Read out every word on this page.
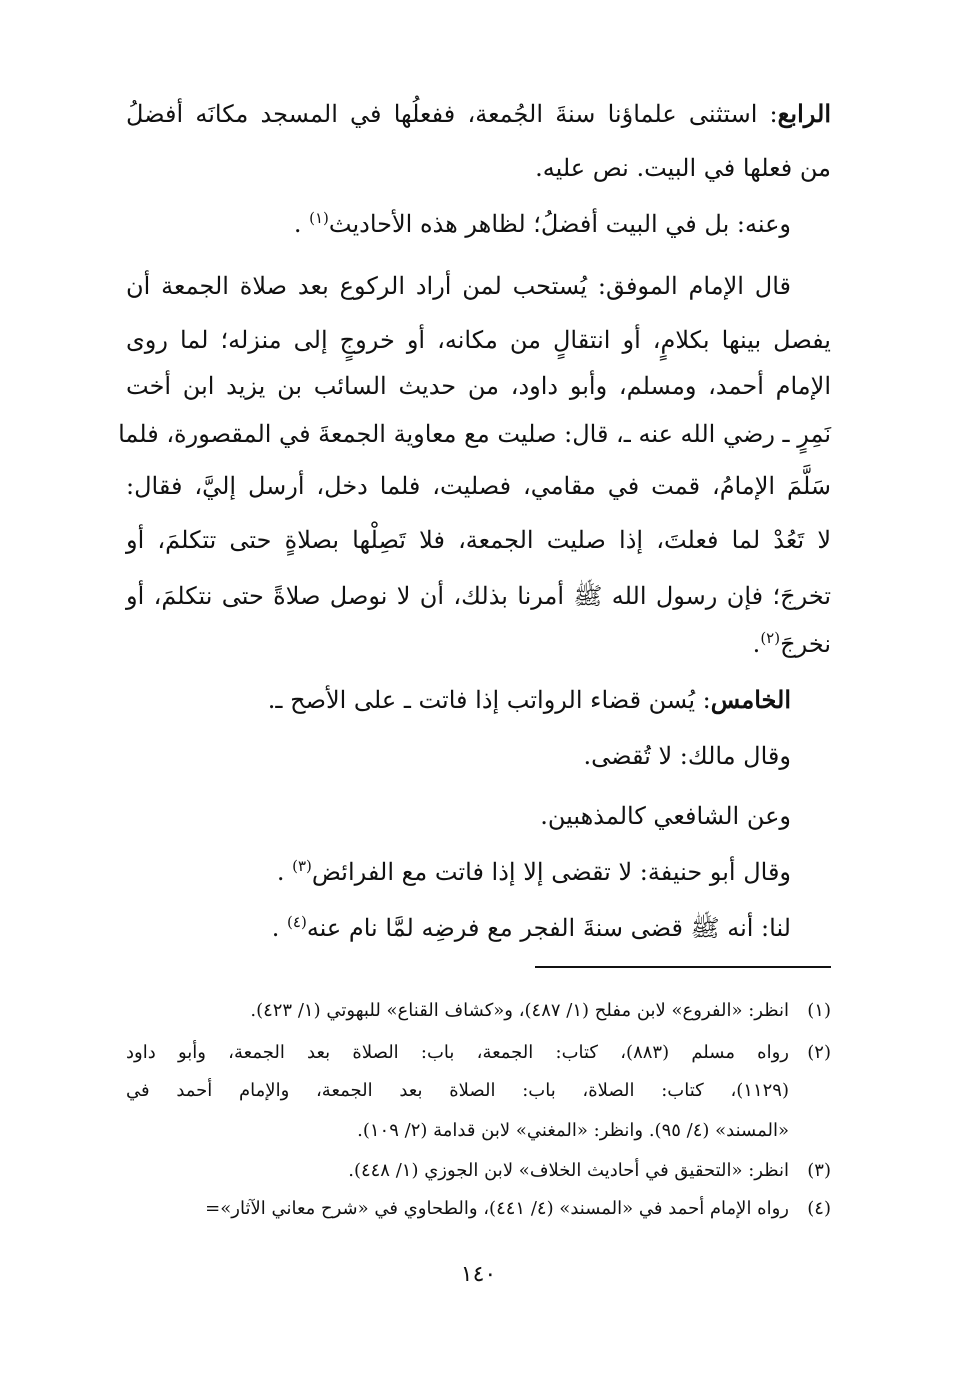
الرابع: استثنى علماؤنا سنةَ الجُمعة، ففعلُها في المسجد مكانَه أفضلُ
من فعلها في البيت. نص عليه.
وعنه: بل في البيت أفضلُ؛ لظاهر هذه الأحاديث$^{(١)}$ .
قال الإمام الموفق: يُستحب لمن أراد الركوع بعد صلاة الجمعة أن
يفصل بينها بكلامٍ، أو انتقالٍ من مكانه، أو خروجٍ إلى منزله؛ لما روى
الإمام أحمد، ومسلم، وأبو داود، من حديث السائب بن يزيد ابن أخت
نَمِرٍ ـ رضي الله عنه ـ، قال: صليت مع معاوية الجمعةَ في المقصورة، فلما
سَلَّمَ الإمامُ، قمت في مقامي، فصليت، فلما دخل، أرسل إليَّ، فقال:
لا تَعُدْ لما فعلتَ، إذا صليت الجمعة، فلا تَصِلْها بصلاةٍ حتى تتكلمَ، أو
تخرجَ؛ فإن رسول الله ﷺ أمرنا بذلك، أن لا نوصل صلاةً حتى نتكلمَ، أو
نخرجَ$^{(٢)}$.
الخامس: يُسن قضاء الرواتب إذا فاتت ـ على الأصح ـ.
وقال مالك: لا تُقضى.
وعن الشافعي كالمذهبين.
وقال أبو حنيفة: لا تقضى إلا إذا فاتت مع الفرائض$^{(٣)}$ .
لنا: أنه ﷺ قضى سنةَ الفجر مع فرضِه لمَّا نام عنه$^{(٤)}$ .
(١)
انظر: «الفروع» لابن مفلح (١/ ٤٨٧)، و«كشاف القناع» للبهوتي (١/ ٤٢٣).
(٢)
رواه مسلم (٨٨٣)، كتاب: الجمعة، باب: الصلاة بعد الجمعة، وأبو داود
(١١٢٩)، كتاب: الصلاة، باب: الصلاة بعد الجمعة، والإمام أحمد في
«المسند» (٤/ ٩٥). وانظر: «المغني» لابن قدامة (٢/ ١٠٩).
(٣)
انظر: «التحقيق في أحاديث الخلاف» لابن الجوزي (١/ ٤٤٨).
(٤)
رواه الإمام أحمد في «المسند» (٤/ ٤٤١)، والطحاوي في «شرح معاني الآثار»=
١٤٠
